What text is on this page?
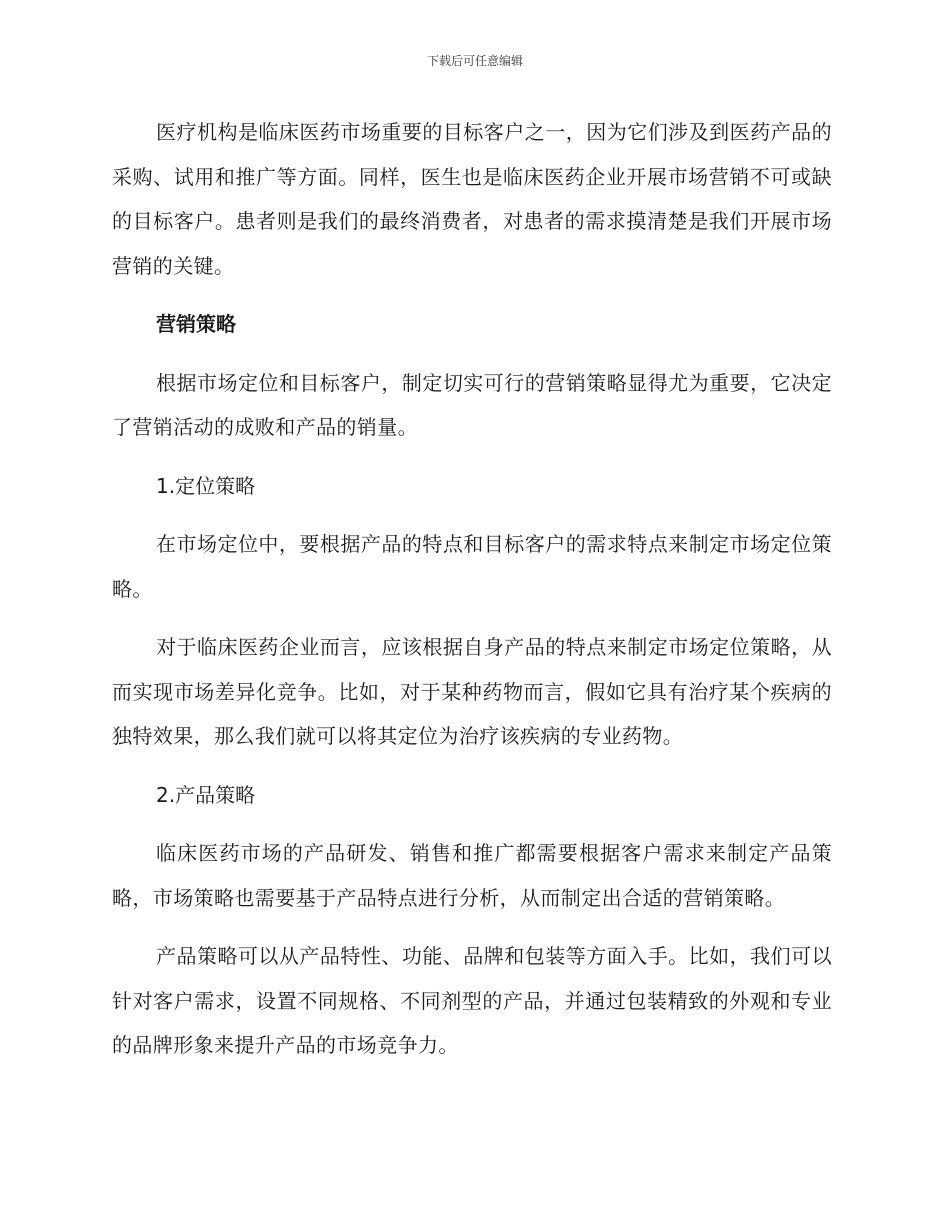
下载后可任意编辑

医疗机构是临床医药市场重要的目标客户之一，因为它们涉及到医药产品的采购、试用和推广等方面。同样，医生也是临床医药企业开展市场营销不可或缺的目标客户。患者则是我们的最终消费者，对患者的需求摸清楚是我们开展市场营销的关键。

营销策略

根据市场定位和目标客户，制定切实可行的营销策略显得尤为重要，它决定了营销活动的成败和产品的销量。

1.定位策略

在市场定位中，要根据产品的特点和目标客户的需求特点来制定市场定位策略。

对于临床医药企业而言，应该根据自身产品的特点来制定市场定位策略，从而实现市场差异化竞争。比如，对于某种药物而言，假如它具有治疗某个疾病的独特效果，那么我们就可以将其定位为治疗该疾病的专业药物。

2.产品策略

临床医药市场的产品研发、销售和推广都需要根据客户需求来制定产品策略，市场策略也需要基于产品特点进行分析，从而制定出合适的营销策略。

产品策略可以从产品特性、功能、品牌和包装等方面入手。比如，我们可以针对客户需求，设置不同规格、不同剂型的产品，并通过包装精致的外观和专业的品牌形象来提升产品的市场竞争力。
